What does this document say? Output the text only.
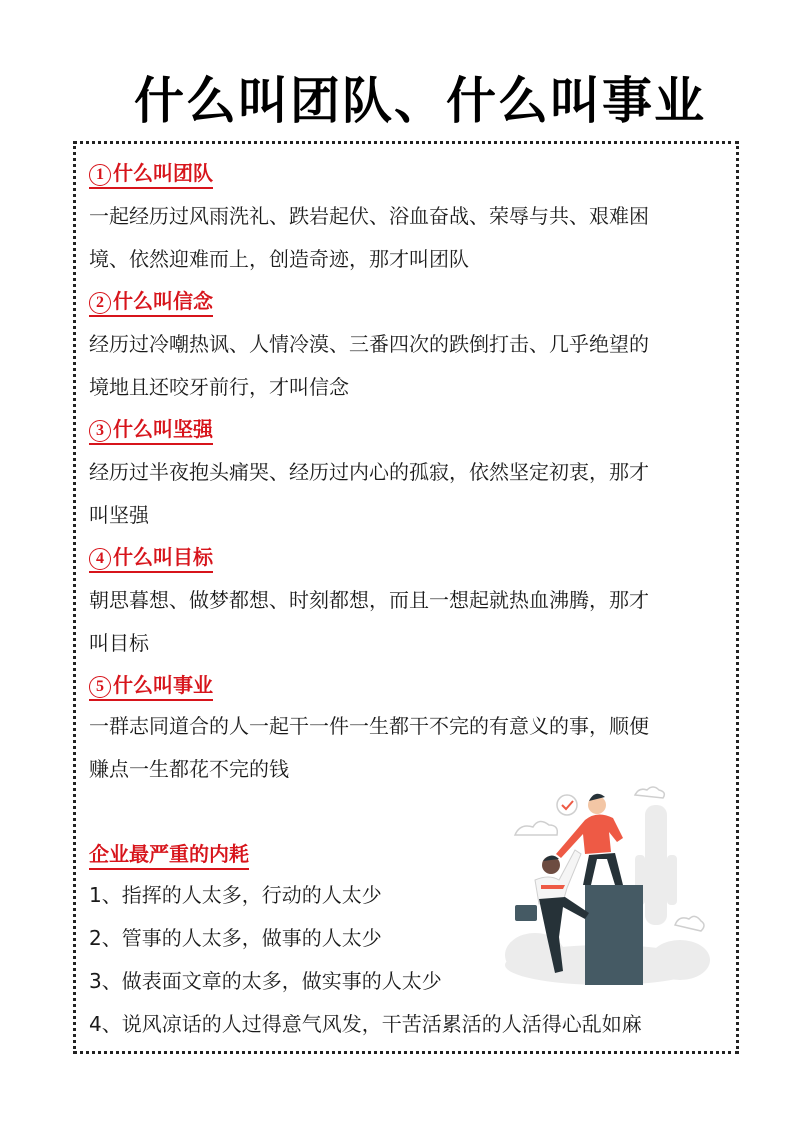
什么叫团队、什么叫事业
1 什么叫团队
一起经历过风雨洗礼、跌岩起伏、浴血奋战、荣辱与共、艰难困
境、依然迎难而上，创造奇迹，那才叫团队
2 什么叫信念
经历过冷嘲热讽、人情冷漠、三番四次的跌倒打击、几乎绝望的
境地且还咬牙前行，才叫信念
3 什么叫坚强
经历过半夜抱头痛哭、经历过内心的孤寂，依然坚定初衷，那才
叫坚强
4 什么叫目标
朝思暮想、做梦都想、时刻都想，而且一想起就热血沸腾，那才
叫目标
5 什么叫事业
一群志同道合的人一起干一件一生都干不完的有意义的事，顺便
赚点一生都花不完的钱
企业最严重的内耗
1、指挥的人太多，行动的人太少
2、管事的人太多，做事的人太少
3、做表面文章的太多，做实事的人太少
4、说风凉话的人过得意气风发，干苦活累活的人活得心乱如麻
